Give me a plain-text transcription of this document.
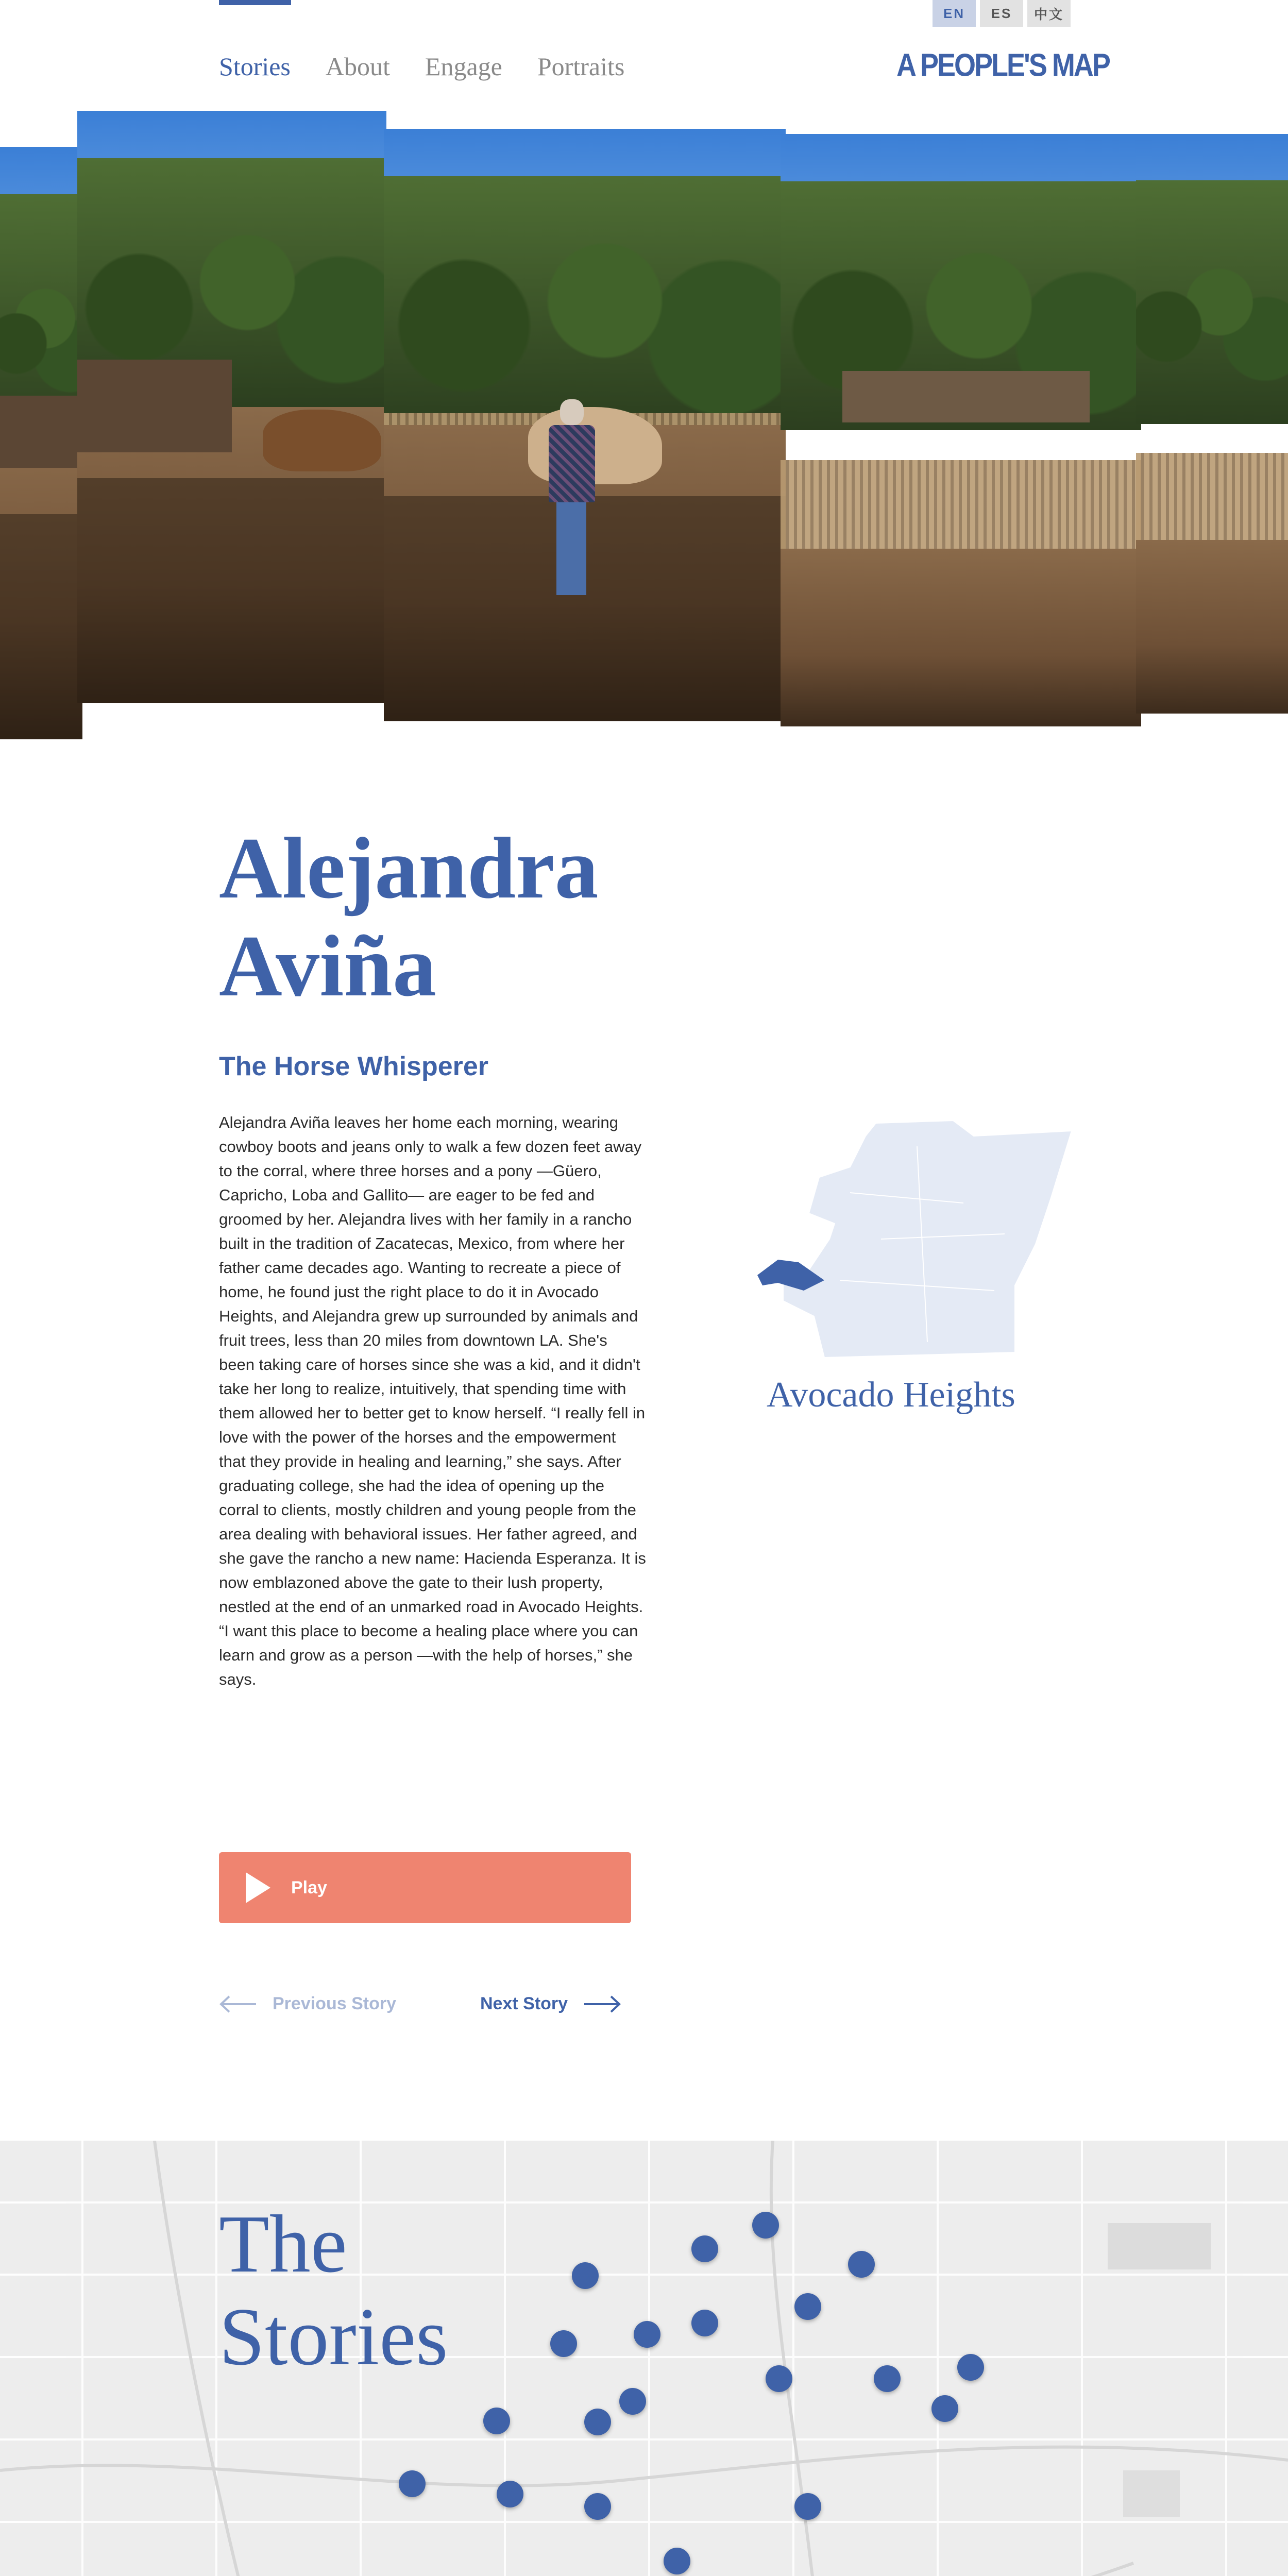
Stories About Engage Portraits
EN	ES	中文
A PEOPLE'S MAP
Alejandra
Aviña
The Horse Whisperer

Alejandra Aviña leaves her home each morning, wearing cowboy boots and jeans only to walk a few dozen feet away to the corral, where three horses and a pony —Güero, Capricho, Loba and Gallito— are eager to be fed and groomed by her. Alejandra lives with her family in a rancho built in the tradition of Zacatecas, Mexico, from where her father came decades ago. Wanting to recreate a piece of home, he found just the right place to do it in Avocado Heights, and Alejandra grew up surrounded by animals and fruit trees, less than 20 miles from downtown LA. She's been taking care of horses since she was a kid, and it didn't take her long to realize, intuitively, that spending time with them allowed her to better get to know herself. “I really fell in love with the power of the horses and the empowerment that they provide in healing and learning,” she says. After graduating college, she had the idea of opening up the corral to clients, mostly children and young people from the area dealing with behavioral issues. Her father agreed, and she gave the rancho a new name: Hacienda Esperanza. It is now emblazoned above the gate to their lush property, nestled at the end of an unmarked road in Avocado Heights. “I want this place to become a healing place where you can learn and grow as a person —with the help of horses,” she says.

Avocado Heights
Play
Previous Story	Next Story
The
Stories
